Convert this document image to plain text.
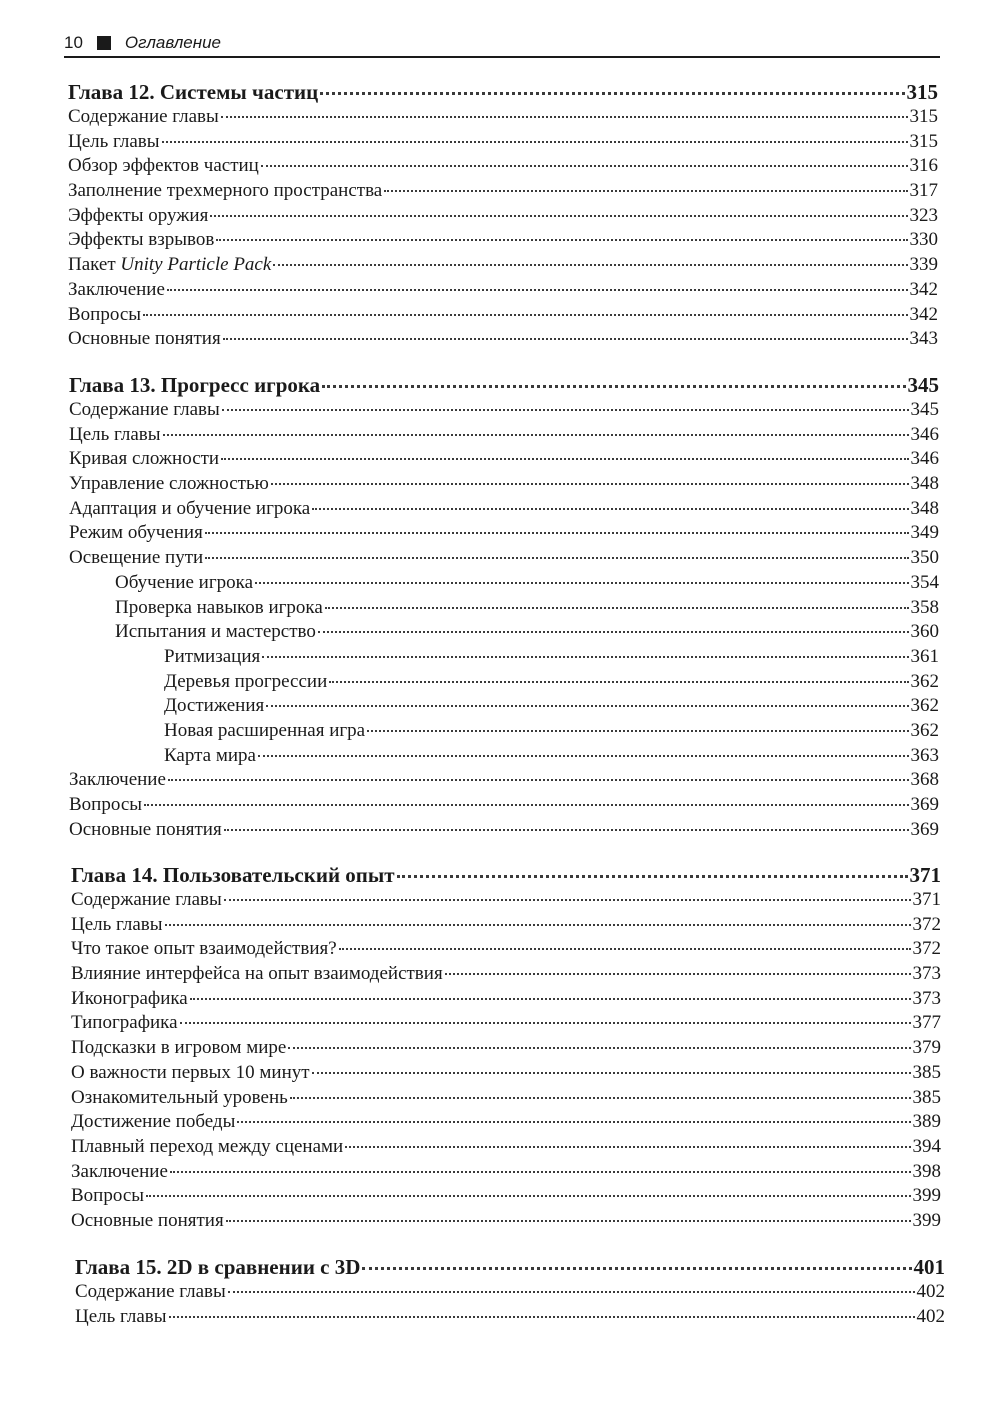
10 Оглавление
Глава 12. Системы частиц	315
Содержание главы	315
Цель главы	315
Обзор эффектов частиц	316
Заполнение трехмерного пространства	317
Эффекты оружия	323
Эффекты взрывов	330
Пакет Unity Particle Pack	339
Заключение	342
Вопросы	342
Основные понятия	343
Глава 13. Прогресс игрока	345
Содержание главы	345
Цель главы	346
Кривая сложности	346
Управление сложностью	348
Адаптация и обучение игрока	348
Режим обучения	349
Освещение пути	350
Обучение игрока	354
Проверка навыков игрока	358
Испытания и мастерство	360
Ритмизация	361
Деревья прогрессии	362
Достижения	362
Новая расширенная игра	362
Карта мира	363
Заключение	368
Вопросы	369
Основные понятия	369
Глава 14. Пользовательский опыт	371
Содержание главы	371
Цель главы	372
Что такое опыт взаимодействия?	372
Влияние интерфейса на опыт взаимодействия	373
Иконографика	373
Типографика	377
Подсказки в игровом мире	379
О важности первых 10 минут	385
Ознакомительный уровень	385
Достижение победы	389
Плавный переход между сценами	394
Заключение	398
Вопросы	399
Основные понятия	399
Глава 15. 2D в сравнении с 3D	401
Содержание главы	402
Цель главы	402
